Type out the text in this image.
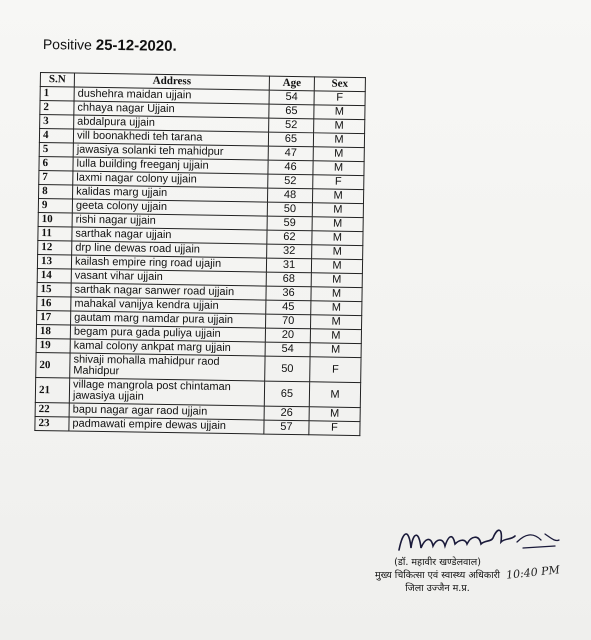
Positive 25-12-2020.
S.N	Address	Age	Sex
1	dushehra maidan ujjain	54	F
2	chhaya nagar Ujjain	65	M
3	abdalpura ujjain	52	M
4	vill boonakhedi teh tarana	65	M
5	jawasiya solanki teh mahidpur	47	M
6	lulla building freeganj ujjain	46	M
7	laxmi nagar colony ujjain	52	F
8	kalidas marg ujjain	48	M
9	geeta colony ujjain	50	M
10	rishi nagar ujjain	59	M
11	sarthak nagar ujjain	62	M
12	drp line dewas road ujjain	32	M
13	kailash empire ring road ujajin	31	M
14	vasant vihar ujjain	68	M
15	sarthak nagar sanwer road ujjain	36	M
16	mahakal vanijya kendra ujjain	45	M
17	gautam marg namdar pura ujjain	70	M
18	begam pura gada puliya ujjain	20	M
19	kamal colony ankpat marg ujjain	54	M
20	shivaji mohalla mahidpur raod Mahidpur	50	F
21	village mangrola post chintaman jawasiya ujjain	65	M
22	bapu nagar agar raod ujjain	26	M
23	padmawati empire dewas ujjain	57	F
(डॉ. महावीर खण्डेलवाल)
मुख्य चिकित्सा एवं स्वास्थ्य अधिकारी
जिला उज्जैन म.प्र.
10:40 PM
